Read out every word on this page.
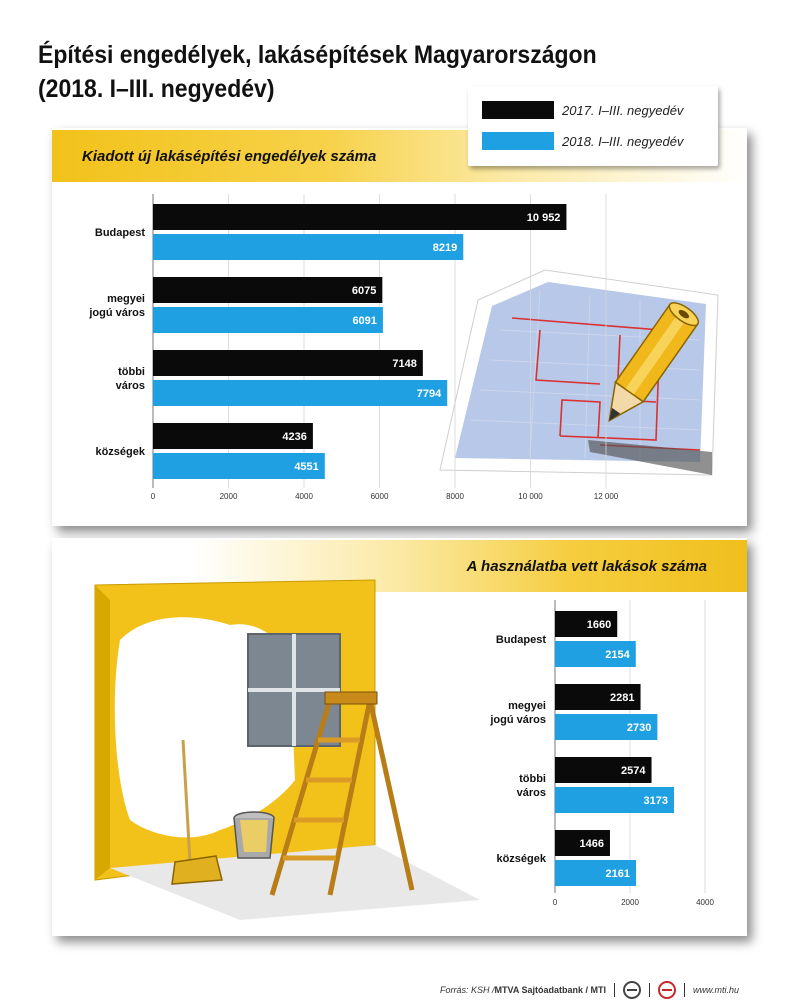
Építési engedélyek, lakásépítések Magyarországon
(2018. I–III. negyedév)
Kiadott új lakásépítési engedélyek száma
A használatba vett lakások száma
2017. I–III. negyedév
2018. I–III. negyedév
0	2000	4000	6000	8000	10 000	12 000
Budapest
10 952
8219
megyei jogú város
6075
6091
többi város
7148
7794
községek
4236
4551
0	2000	4000
Budapest
1660
2154
megyei jogú város
2281
2730
többi város
2574
3173
községek
1466
2161
Forrás: KSH / MTVA Sajtóadatbank / MTI	www.mti.hu
